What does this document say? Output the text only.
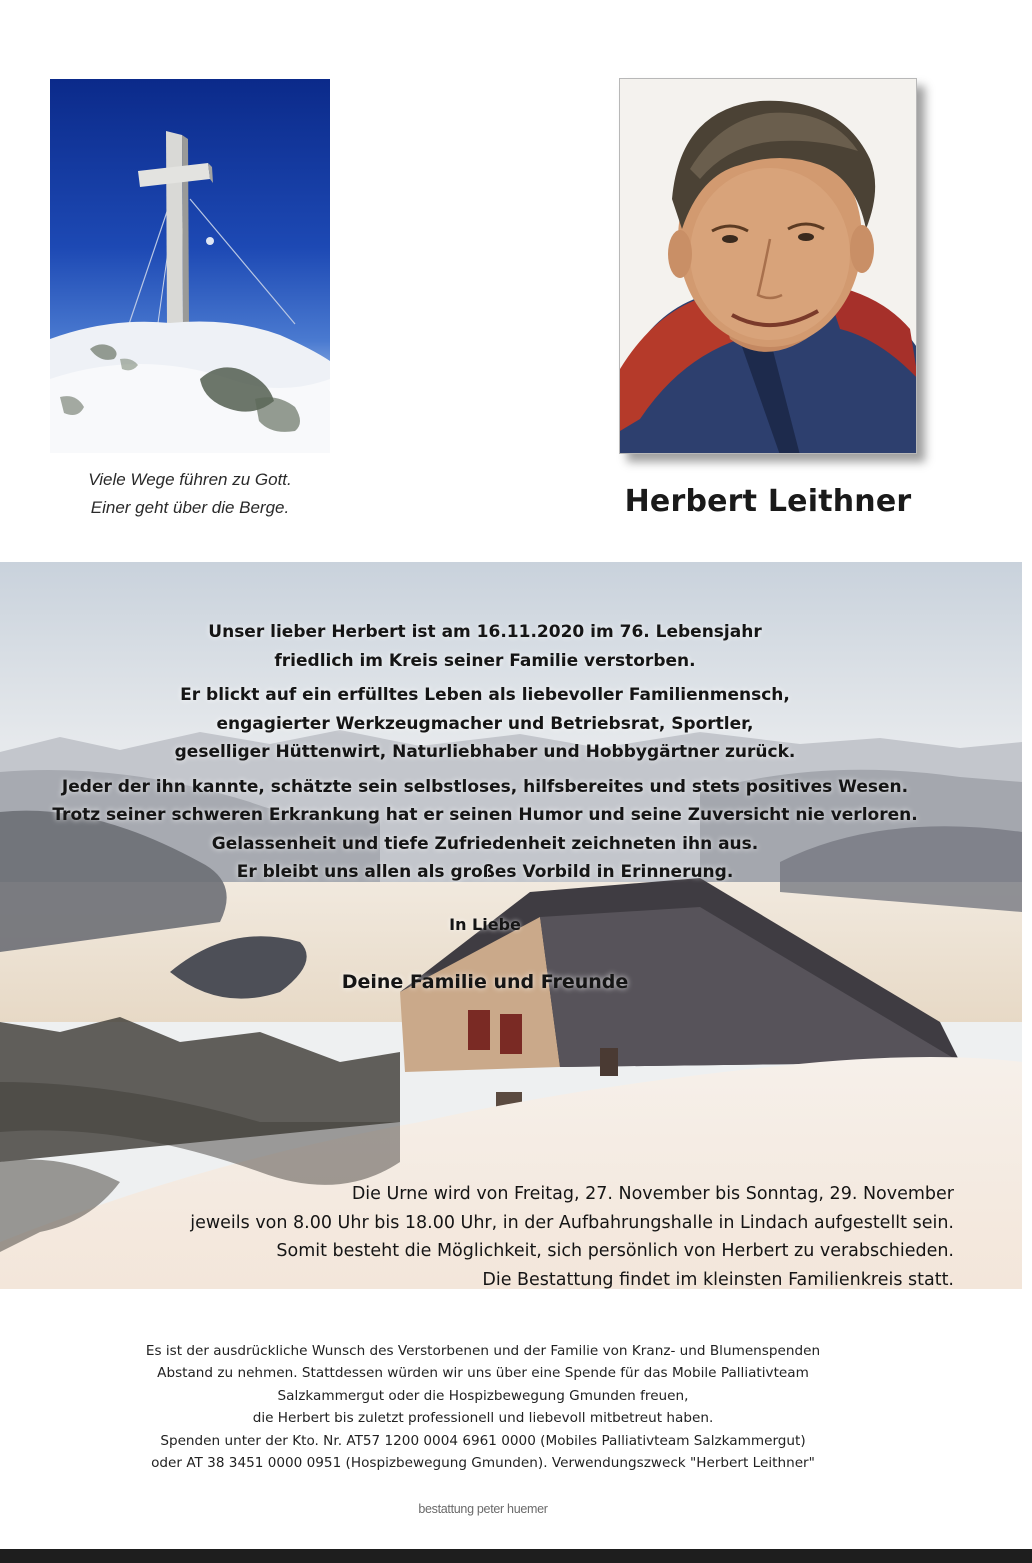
Viele Wege führen zu Gott.
Einer geht über die Berge.	Herbert Leithner

Unser lieber Herbert ist am 16.11.2020 im 76. Lebensjahr
friedlich im Kreis seiner Familie verstorben.

Er blickt auf ein erfülltes Leben als liebevoller Familienmensch,
engagierter Werkzeugmacher und Betriebsrat, Sportler,
geselliger Hüttenwirt, Naturliebhaber und Hobbygärtner zurück.

Jeder der ihn kannte, schätzte sein selbstloses, hilfsbereites und stets positives Wesen.
Trotz seiner schweren Erkrankung hat er seinen Humor und seine Zuversicht nie verloren.
Gelassenheit und tiefe Zufriedenheit zeichneten ihn aus.
Er bleibt uns allen als großes Vorbild in Erinnerung.

In Liebe
Deine Familie und Freunde
Die Urne wird von Freitag, 27. November bis Sonntag, 29. November
jeweils von 8.00 Uhr bis 18.00 Uhr, in der Aufbahrungshalle in Lindach aufgestellt sein.
Somit besteht die Möglichkeit, sich persönlich von Herbert zu verabschieden.
Die Bestattung findet im kleinsten Familienkreis statt.
Es ist der ausdrückliche Wunsch des Verstorbenen und der Familie von Kranz- und Blumenspenden
Abstand zu nehmen. Stattdessen würden wir uns über eine Spende für das Mobile Palliativteam
Salzkammergut oder die Hospizbewegung Gmunden freuen,
die Herbert bis zuletzt professionell und liebevoll mitbetreut haben.
Spenden unter der Kto. Nr. AT57 1200 0004 6961 0000 (Mobiles Palliativteam Salzkammergut)
oder AT 38 3451 0000 0951 (Hospizbewegung Gmunden). Verwendungszweck "Herbert Leithner"
bestattung peter huemer
